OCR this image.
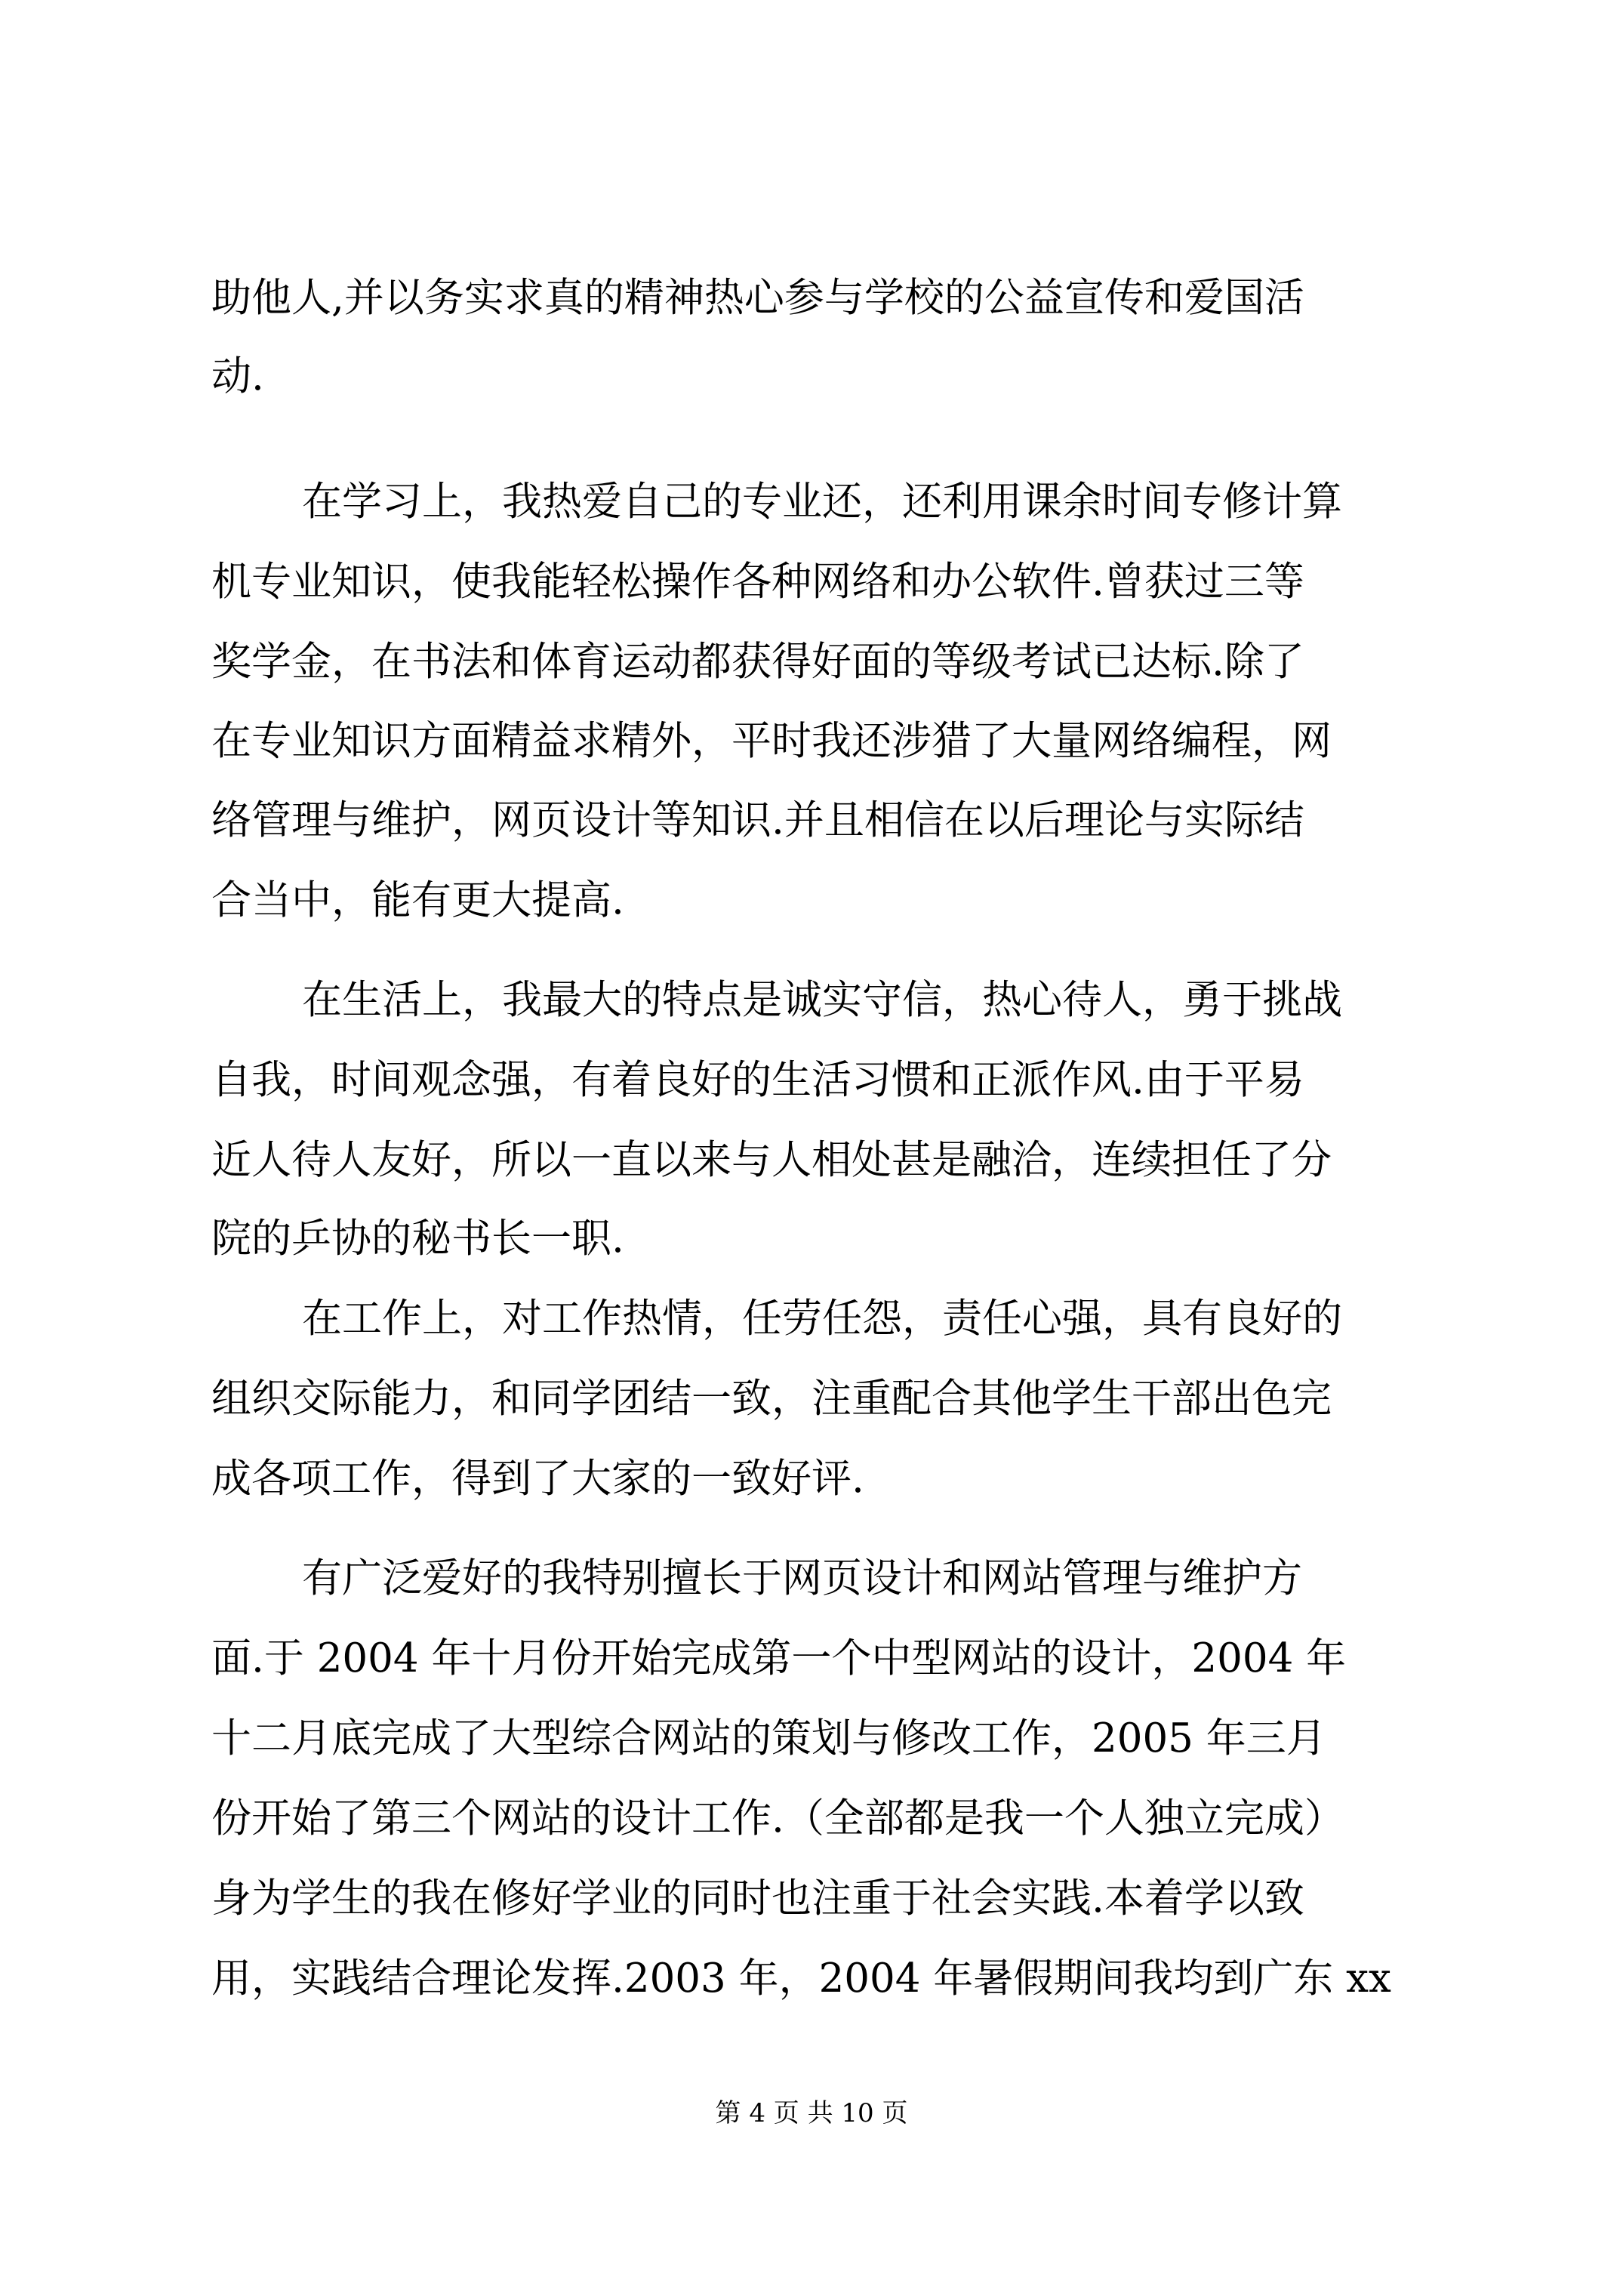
助他人,并以务实求真的精神热心参与学校的公益宣传和爱国活
动.
在学习上，我热爱自己的专业还，还利用课余时间专修计算
机专业知识，使我能轻松操作各种网络和办公软件.曾获过三等
奖学金，在书法和体育运动都获得好面的等级考试已达标.除了
在专业知识方面精益求精外，平时我还涉猎了大量网络编程，网
络管理与维护，网页设计等知识.并且相信在以后理论与实际结
合当中，能有更大提高.
在生活上，我最大的特点是诚实守信，热心待人，勇于挑战
自我，时间观念强，有着良好的生活习惯和正派作风.由于平易
近人待人友好，所以一直以来与人相处甚是融洽，连续担任了分
院的乒协的秘书长一职.
在工作上，对工作热情，任劳任怨，责任心强，具有良好的
组织交际能力，和同学团结一致，注重配合其他学生干部出色完
成各项工作，得到了大家的一致好评.
有广泛爱好的我特别擅长于网页设计和网站管理与维护方
面.于 2004 年十月份开始完成第一个中型网站的设计，2004 年
十二月底完成了大型综合网站的策划与修改工作，2005 年三月
份开始了第三个网站的设计工作.（全部都是我一个人独立完成）
身为学生的我在修好学业的同时也注重于社会实践.本着学以致
用，实践结合理论发挥.2003 年，2004 年暑假期间我均到广东 xx
第 4 页 共 10 页
